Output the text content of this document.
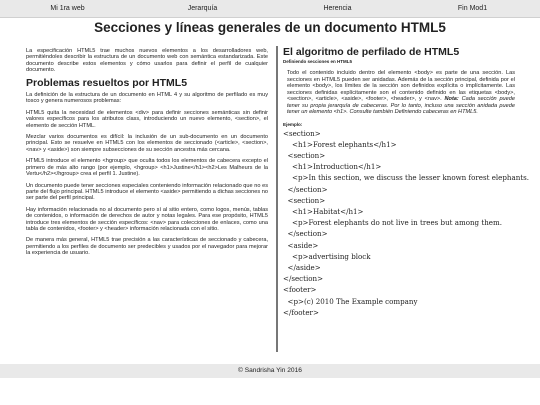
Mi 1ra web	Jerarquía	Herencia	Fin Mod1
Secciones y líneas generales de un documento HTML5

La especificación HTML5 trae muchos nuevos elementos a los desarrolladores web, permitiéndoles describir la estructura de un documento web con semántica estandarizada. Este documento describe estos elementos y cómo usarlos para definir el perfil de cualquier documento.

Problemas resueltos por HTML5

La definición de la estructura de un documento en HTML 4 y su algoritmo de perfilado es muy tosco y genera numerosos problemas:

HTML5 quita la necesidad de elementos <div> para definir secciones semánticas sin definir valores específicos para los atributos class, introduciendo un nuevo elemento, <section>, el elemento de sección HTML.

Mezclar varios documentos es difícil: la inclusión de un sub-documento en un documento principal. Esto se resuelve en HTML5 con los elementos de seccionado (<article>, <section>, <nav> y <aside>) son siempre subsecciones de su sección ancestra más cercana.

HTML5 introduce el elemento <hgroup> que oculta todos los elementos de cabecera excepto el primero de más alto rango (por ejemplo, <hgroup> <h1>Justine</h1><h2>Les Malheurs de la Vertu</h2></hgroup> crea el perfil 1. Justine).

Un documento puede tener secciones especiales conteniendo información relacionado que no es parte del flujo principal. HTML5 introduce el elemento <aside> permitiendo a dichas secciones no ser parte del perfil principal.

Hay información relacionada no al documento pero sí al sitio entero, como logos, menús, tablas de contenidos, o información de derechos de autor y notas legales. Para ese propósito, HTML5 introduce tres elementos de sección específicos: <nav> para colecciones de enlaces, como una tabla de contenidos, <footer> y <header> información relacionada con el sitio.

De manera más general, HTML5 trae precisión a las características de seccionado y cabecera, permitiendo a los perfiles de documento ser predecibles y usados por el navegador para mejorar la experiencia de usuario.

El algoritmo de perfilado de HTML5
Definiendo secciones en HTML5

Todo el contenido incluido dentro del elemento <body> es parte de una sección. Las secciones en HTML5 pueden ser anidadas. Además de la sección principal, definida por el elemento <body>, los límites de la sección son definidos explícita o implícitamente. Las secciones definidas explícitamente son el contenido definido en las etiquetas <body>, <section>, <article>, <aside>, <footer>, <header>, y <nav>. Nota: Cada sección puede tener su propia jerarquía de cabeceras. Por lo tanto, incluso una sección anidada puede tener un elemento <h1>. Consulte también Definiendo cabeceras en HTML5.

Ejemplo:
<section>
<h1>Forest elephants</h1>
<section>
<h1>Introduction</h1>
<p>In this section, we discuss the lesser known forest elephants.
</section>
<section>
<h1>Habitat</h1>
<p>Forest elephants do not live in trees but among them.
</section>
<aside>
<p>advertising block
</aside>
</section>
<footer>
<p>(c) 2010 The Example company
</footer>
© Sandrisha Yin 2016
